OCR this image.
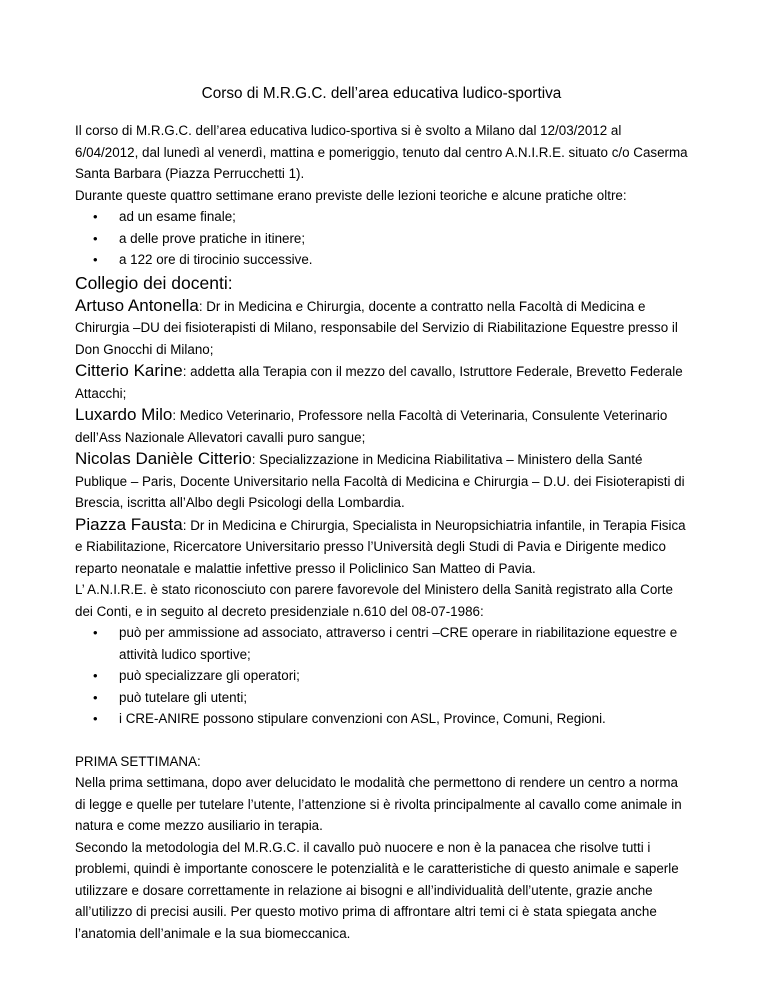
Corso di M.R.G.C. dell’area educativa ludico-sportiva

Il corso di M.R.G.C. dell’area educativa ludico-sportiva si è svolto a Milano dal 12/03/2012 al 6/04/2012, dal lunedì al venerdì, mattina e pomeriggio, tenuto dal centro A.N.I.R.E. situato c/o Caserma Santa Barbara (Piazza Perrucchetti 1).

Durante queste quattro settimane erano previste delle lezioni teoriche e alcune pratiche oltre:

• ad un esame finale;
• a delle prove pratiche in itinere;
• a 122 ore di tirocinio successive.
Collegio dei docenti:

Artuso Antonella: Dr in Medicina e Chirurgia, docente a contratto nella Facoltà di Medicina e Chirurgia –DU dei fisioterapisti di Milano, responsabile del Servizio di Riabilitazione Equestre presso il Don Gnocchi di Milano;

Citterio Karine: addetta alla Terapia con il mezzo del cavallo, Istruttore Federale, Brevetto Federale Attacchi;

Luxardo Milo: Medico Veterinario, Professore nella Facoltà di Veterinaria, Consulente Veterinario dell’Ass Nazionale Allevatori cavalli puro sangue;

Nicolas Danièle Citterio: Specializzazione in Medicina Riabilitativa – Ministero della Santé Publique – Paris, Docente Universitario nella Facoltà di Medicina e Chirurgia – D.U. dei Fisioterapisti di Brescia, iscritta all’Albo degli Psicologi della Lombardia.

Piazza Fausta: Dr in Medicina e Chirurgia, Specialista in Neuropsichiatria infantile, in Terapia Fisica e Riabilitazione, Ricercatore Universitario presso l’Università degli Studi di Pavia e Dirigente medico reparto neonatale e malattie infettive presso il Policlinico San Matteo di Pavia.

L’ A.N.I.R.E. è stato riconosciuto con parere favorevole del Ministero della Sanità registrato alla Corte dei Conti, e in seguito al decreto presidenziale n.610 del 08-07-1986:

• può per ammissione ad associato, attraverso i centri –CRE operare in riabilitazione equestre e attività ludico sportive;
• può specializzare gli operatori;
• può tutelare gli utenti;
• i CRE-ANIRE possono stipulare convenzioni con ASL, Province, Comuni, Regioni.

PRIMA SETTIMANA:

Nella prima settimana, dopo aver delucidato le modalità che permettono di rendere un centro a norma di legge e quelle per tutelare l’utente, l’attenzione si è rivolta principalmente al cavallo come animale in natura e come mezzo ausiliario in terapia.

Secondo la metodologia del M.R.G.C. il cavallo può nuocere e non è la panacea che risolve tutti i problemi, quindi è importante conoscere le potenzialità e le caratteristiche di questo animale e saperle utilizzare e dosare correttamente in relazione ai bisogni e all’individualità dell’utente, grazie anche all’utilizzo di precisi ausili. Per questo motivo prima di affrontare altri temi ci è stata spiegata anche l’anatomia dell’animale e la sua biomeccanica.
